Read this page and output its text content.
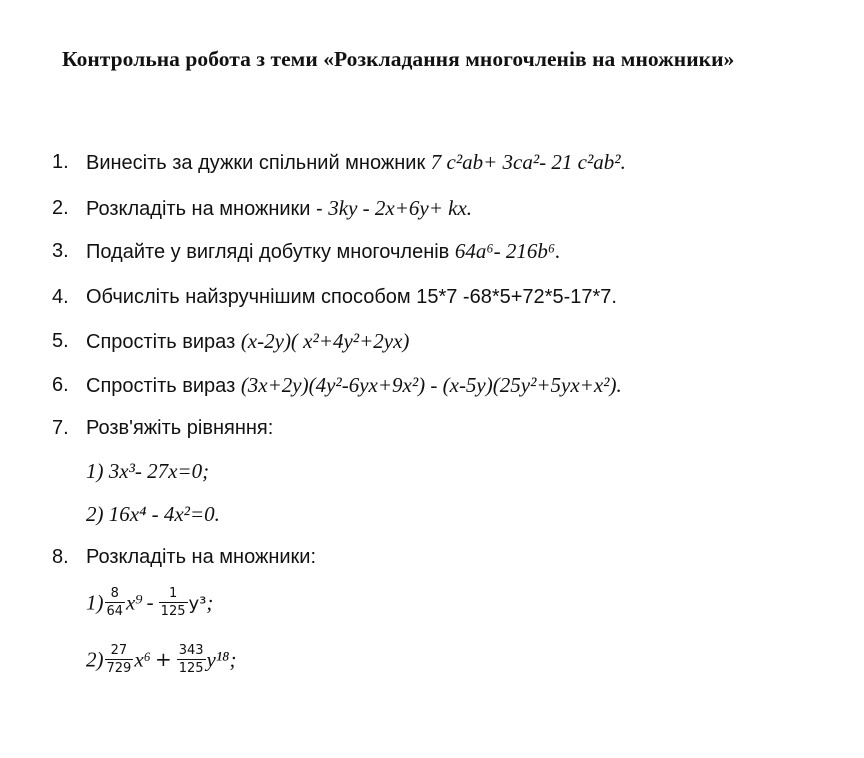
Контрольна робота з теми «Розкладання многочленів на множники»
1. Винесіть за дужки спільний множник 7 c²ab+ 3ca²- 21 c²ab².
2. Розкладіть на множники - 3ky - 2x+6y+ kx.
3. Подайте у вигляді добутку многочленів 64a⁶- 216b⁶.
4. Обчисліть найзручнішим способом 15*7 -68*5+72*5-17*7.
5. Спростіть вираз (x-2y)( x²+4y²+2yx)
6. Спростіть вираз (3x+2y)(4y²-6yx+9x²) - (x-5y)(25y²+5yx+x²).
7. Розв'яжіть рівняння:
1) 3x³- 27x=0;
2) 16x⁴ - 4x²=0.
8. Розкладіть на множники:
$1) \frac{8}{64} x^9 - \frac{1}{125} y^3$;
$2) \frac{27}{729} x^6 + \frac{343}{125} y^{18}$;
